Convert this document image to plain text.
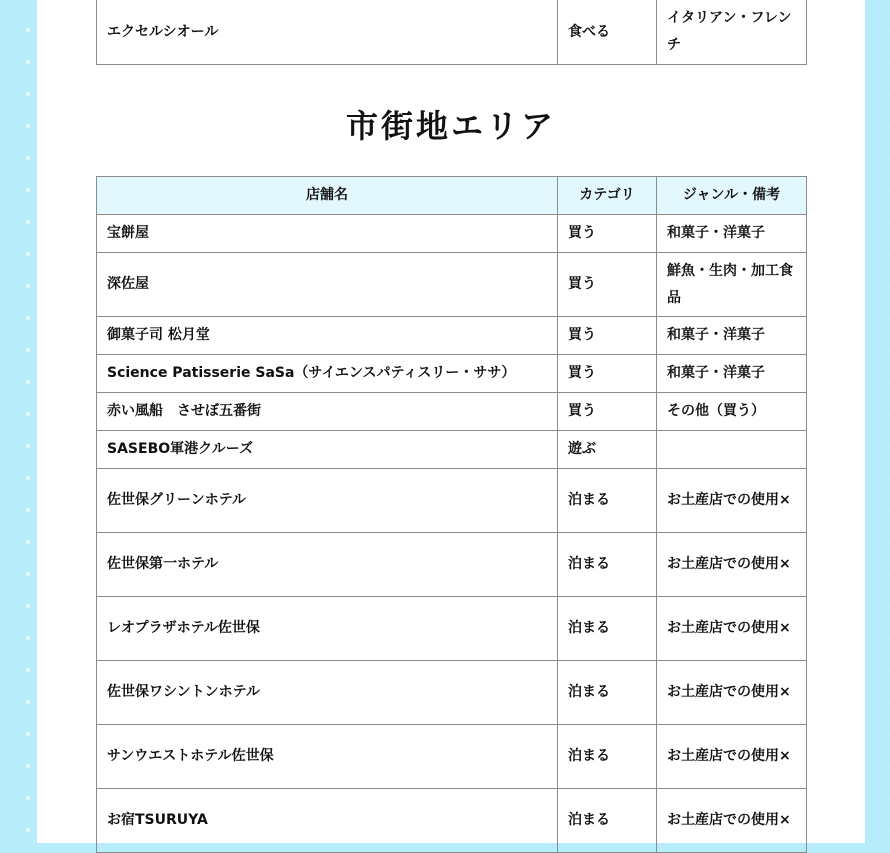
エクセルシオール	食べる	イタリアン・フレンチ
市街地エリア
店舗名	カテゴリ	ジャンル・備考
宝餅屋	買う	和菓子・洋菓子
深佐屋	買う	鮮魚・生肉・加工食品
御菓子司 松月堂	買う	和菓子・洋菓子
Science Patisserie SaSa（サイエンスパティスリー・ササ）	買う	和菓子・洋菓子
赤い風船　させぼ五番街	買う	その他（買う）
SASEBO軍港クルーズ	遊ぶ	
佐世保グリーンホテル	泊まる	お土産店での使用×
佐世保第一ホテル	泊まる	お土産店での使用×
レオプラザホテル佐世保	泊まる	お土産店での使用×
佐世保ワシントンホテル	泊まる	お土産店での使用×
サンウエストホテル佐世保	泊まる	お土産店での使用×
お宿TSURUYA	泊まる	お土産店での使用×
